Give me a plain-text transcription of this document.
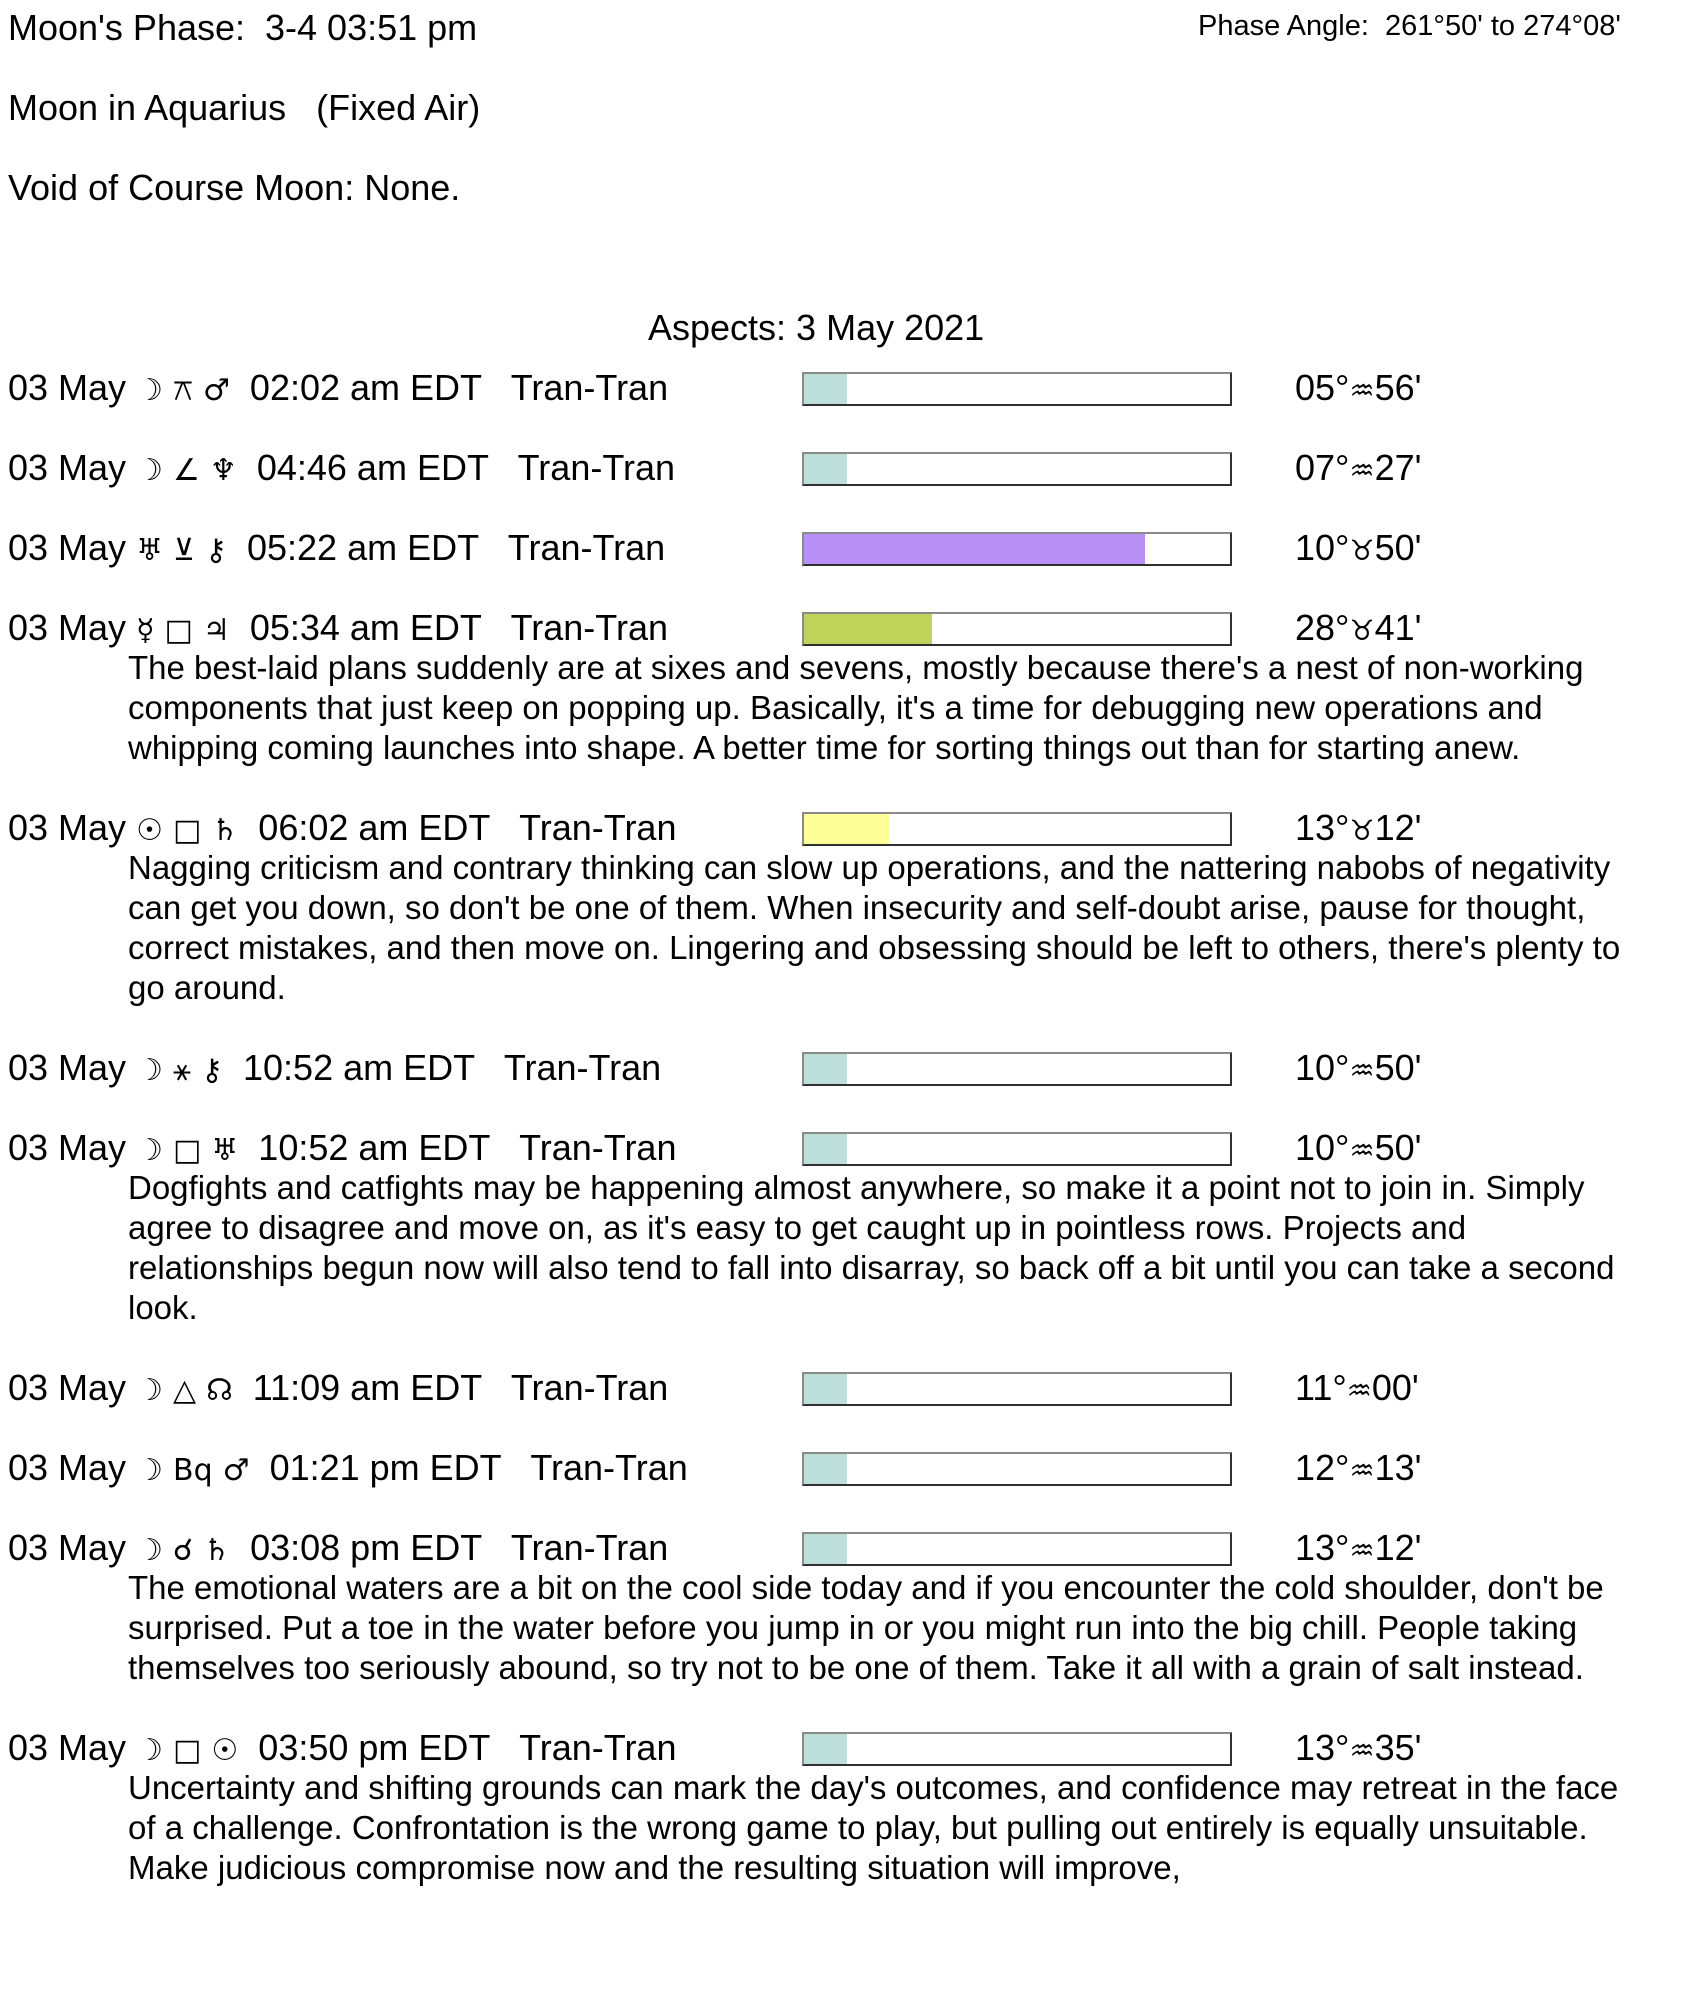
Moon's Phase:  3-4 03:51 pm	Phase Angle:  261°50' to 274°08'
Moon in Aquarius   (Fixed Air)
Void of Course Moon: None.
Aspects: 3 May 2021
03 May ☽ ⚻ ♂ 02:02 am EDT Tran-Tran	05°♒56'
03 May ☽ ∠ ♆ 04:46 am EDT Tran-Tran	07°♒27'
03 May ♅ ⊻ ⚷ 05:22 am EDT Tran-Tran	10°♉50'
03 May ☿ □ ♃ 05:34 am EDT Tran-Tran	28°♉41'
The best-laid plans suddenly are at sixes and sevens, mostly because there's a nest of non-working components that just keep on popping up. Basically, it's a time for debugging new operations and whipping coming launches into shape. A better time for sorting things out than for starting anew.
03 May ☉ □ ♄ 06:02 am EDT Tran-Tran	13°♉12'
Nagging criticism and contrary thinking can slow up operations, and the nattering nabobs of negativity can get you down, so don't be one of them. When insecurity and self-doubt arise, pause for thought, correct mistakes, and then move on. Lingering and obsessing should be left to others, there's plenty to go around.
03 May ☽ ⚹ ⚷ 10:52 am EDT Tran-Tran	10°♒50'
03 May ☽ □ ♅ 10:52 am EDT Tran-Tran	10°♒50'
Dogfights and catfights may be happening almost anywhere, so make it a point not to join in. Simply agree to disagree and move on, as it's easy to get caught up in pointless rows. Projects and relationships begun now will also tend to fall into disarray, so back off a bit until you can take a second look.
03 May ☽ △ ☊ 11:09 am EDT Tran-Tran	11°♒00'
03 May ☽ Bq ♂ 01:21 pm EDT Tran-Tran	12°♒13'
03 May ☽ ☌ ♄ 03:08 pm EDT Tran-Tran	13°♒12'
The emotional waters are a bit on the cool side today and if you encounter the cold shoulder, don't be surprised. Put a toe in the water before you jump in or you might run into the big chill. People taking themselves too seriously abound, so try not to be one of them. Take it all with a grain of salt instead.
03 May ☽ □ ☉ 03:50 pm EDT Tran-Tran	13°♒35'
Uncertainty and shifting grounds can mark the day's outcomes, and confidence may retreat in the face of a challenge. Confrontation is the wrong game to play, but pulling out entirely is equally unsuitable. Make judicious compromise now and the resulting situation will improve,
